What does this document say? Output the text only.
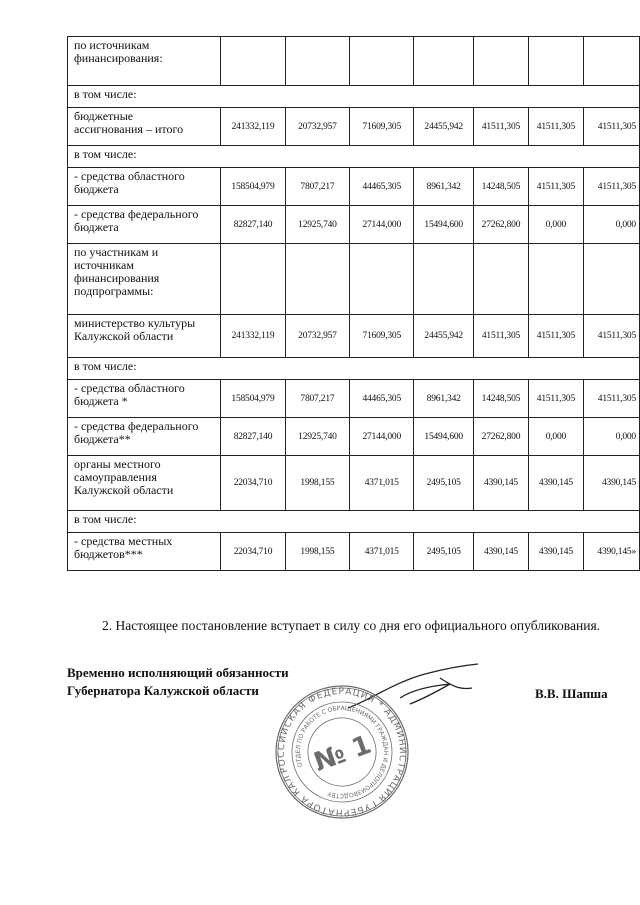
по источникам
финансирования:							

в том числе:							

бюджетные
ассигнования – итого	241332,119	20732,957	71609,305	24455,942	41511,305	41511,305	41511,305

в том числе:							

- средства областного
бюджета	158504,979	7807,217	44465,305	8961,342	14248,505	41511,305	41511,305

- средства федерального
бюджета	82827,140	12925,740	27144,000	15494,600	27262,800	0,000	0,000

по участникам и
источникам
финансирования
подпрограммы:							

министерство культуры
Калужской области	241332,119	20732,957	71609,305	24455,942	41511,305	41511,305	41511,305

в том числе:							

- средства областного
бюджета *	158504,979	7807,217	44465,305	8961,342	14248,505	41511,305	41511,305

- средства федерального
бюджета**	82827,140	12925,740	27144,000	15494,600	27262,800	0,000	0,000

органы местного
самоуправления
Калужской области	22034,710	1998,155	4371,015	2495,105	4390,145	4390,145	4390,145

в том числе:							

- средства местных
бюджетов***	22034,710	1998,155	4371,015	2495,105	4390,145	4390,145	4390,145»
2. Настоящее постановление вступает в силу со дня его официального опубликования.
Временно исполняющий обязанности
Губернатора Калужской области	В.В. Шапша
РОССИЙСКАЯ ФЕДЕРАЦИЯ * АДМИНИСТРАЦИЯ ГУБЕРНАТОРА КАЛУЖСКОЙ
ОТДЕЛ ПО РАБОТЕ С ОБРАЩЕНИЯМИ ГРАЖДАН И ДЕЛОПРОИЗВОДСТВУ
№ 1
